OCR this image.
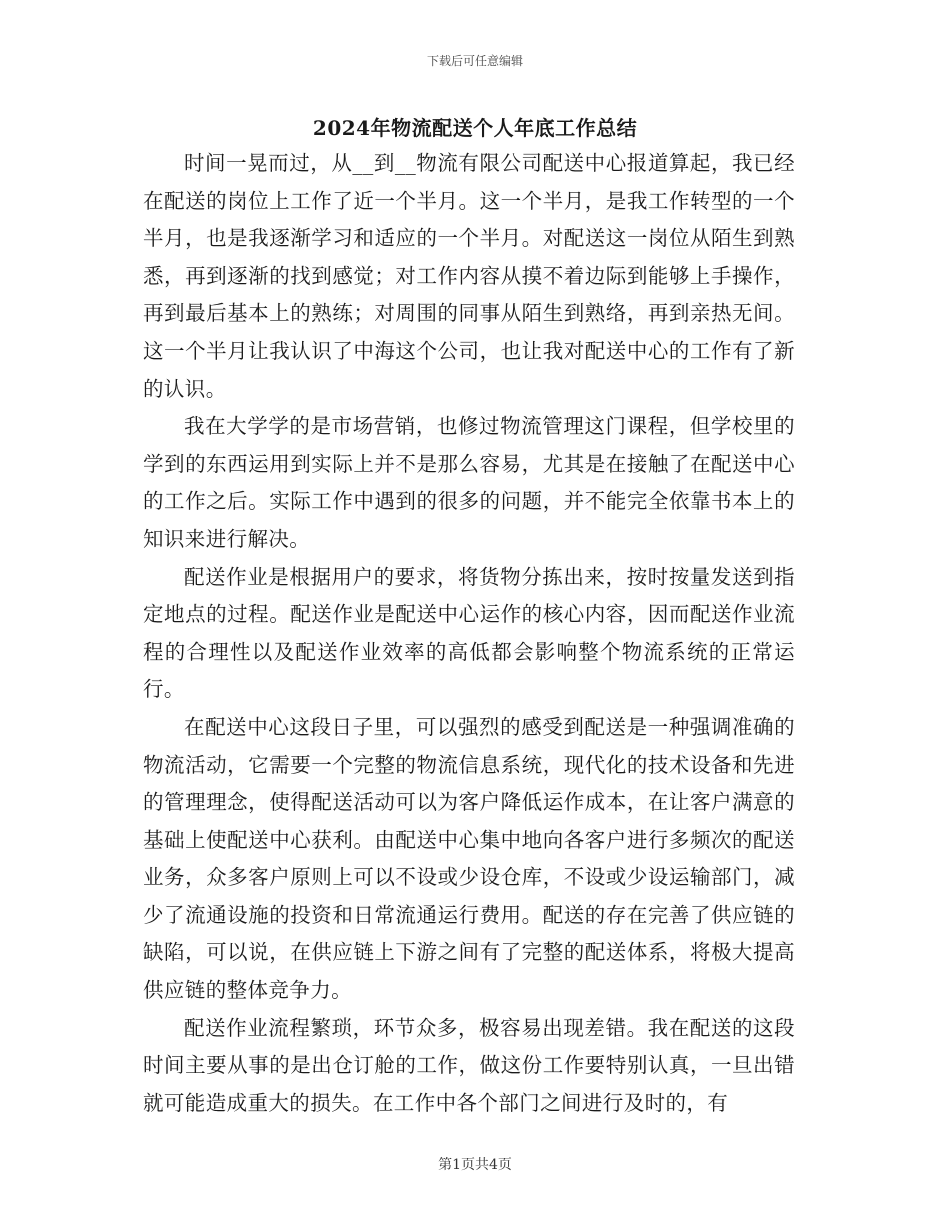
下载后可任意编辑
2024年物流配送个人年底工作总结

时间一晃而过，从__到__物流有限公司配送中心报道算起，我已经在配送的岗位上工作了近一个半月。这一个半月，是我工作转型的一个半月，也是我逐渐学习和适应的一个半月。对配送这一岗位从陌生到熟悉，再到逐渐的找到感觉；对工作内容从摸不着边际到能够上手操作，再到最后基本上的熟练；对周围的同事从陌生到熟络，再到亲热无间。这一个半月让我认识了中海这个公司，也让我对配送中心的工作有了新的认识。

我在大学学的是市场营销，也修过物流管理这门课程，但学校里的学到的东西运用到实际上并不是那么容易，尤其是在接触了在配送中心的工作之后。实际工作中遇到的很多的问题，并不能完全依靠书本上的知识来进行解决。

配送作业是根据用户的要求，将货物分拣出来，按时按量发送到指定地点的过程。配送作业是配送中心运作的核心内容，因而配送作业流程的合理性以及配送作业效率的高低都会影响整个物流系统的正常运行。

在配送中心这段日子里，可以强烈的感受到配送是一种强调准确的物流活动，它需要一个完整的物流信息系统，现代化的技术设备和先进的管理理念，使得配送活动可以为客户降低运作成本，在让客户满意的基础上使配送中心获利。由配送中心集中地向各客户进行多频次的配送业务，众多客户原则上可以不设或少设仓库，不设或少设运输部门，减少了流通设施的投资和日常流通运行费用。配送的存在完善了供应链的缺陷，可以说，在供应链上下游之间有了完整的配送体系，将极大提高供应链的整体竞争力。

配送作业流程繁琐，环节众多，极容易出现差错。我在配送的这段时间主要从事的是出仓订舱的工作，做这份工作要特别认真，一旦出错就可能造成重大的损失。在工作中各个部门之间进行及时的，有

第1页共4页
